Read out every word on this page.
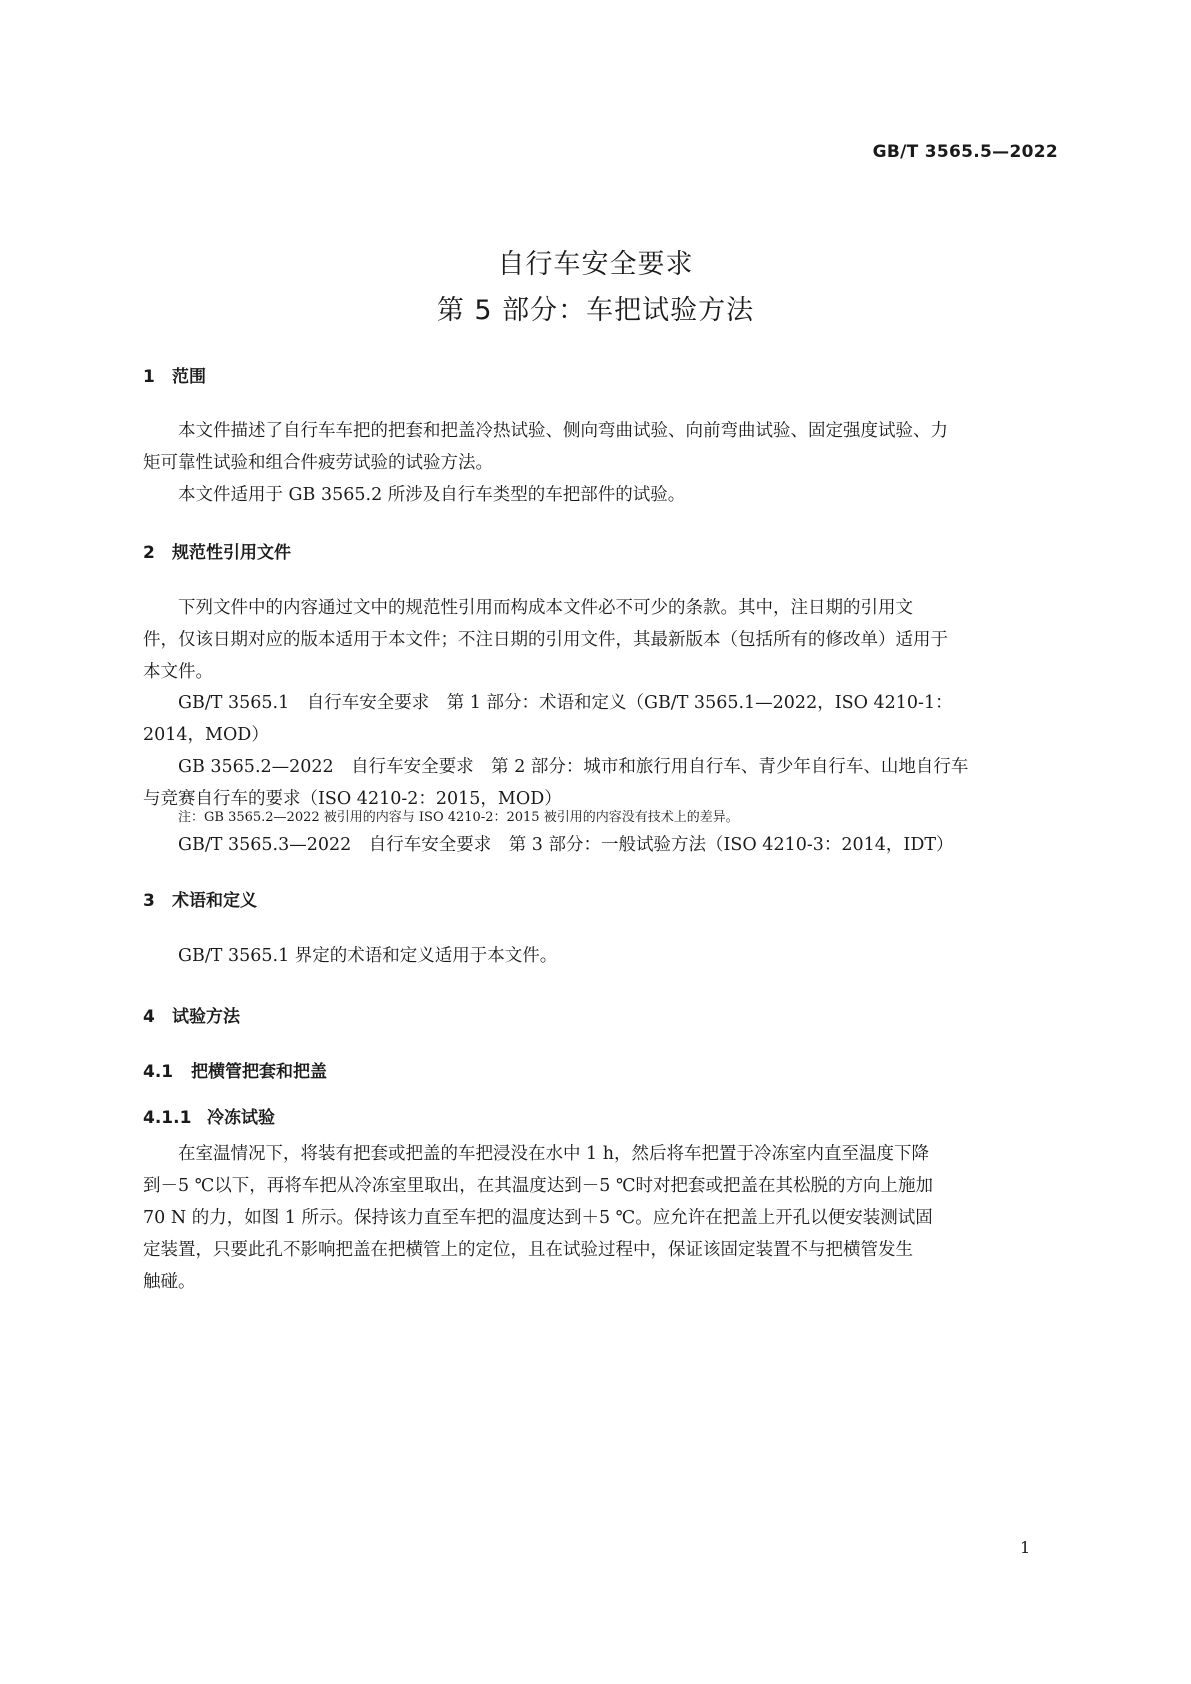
GB/T 3565.5—2022
自行车安全要求
第 5 部分：车把试验方法
1 范围
本文件描述了自行车车把的把套和把盖冷热试验、侧向弯曲试验、向前弯曲试验、固定强度试验、力
矩可靠性试验和组合件疲劳试验的试验方法。
本文件适用于 GB 3565.2 所涉及自行车类型的车把部件的试验。
2 规范性引用文件
下列文件中的内容通过文中的规范性引用而构成本文件必不可少的条款。其中，注日期的引用文
件，仅该日期对应的版本适用于本文件；不注日期的引用文件，其最新版本（包括所有的修改单）适用于
本文件。
GB/T 3565.1　自行车安全要求　第 1 部分：术语和定义（GB/T 3565.1—2022，ISO 4210-1：
2014，MOD）
GB 3565.2—2022　自行车安全要求　第 2 部分：城市和旅行用自行车、青少年自行车、山地自行车
与竞赛自行车的要求（ISO 4210-2：2015，MOD）
注：GB 3565.2—2022 被引用的内容与 ISO 4210-2：2015 被引用的内容没有技术上的差异。
GB/T 3565.3—2022　自行车安全要求　第 3 部分：一般试验方法（ISO 4210-3：2014，IDT）
3 术语和定义
GB/T 3565.1 界定的术语和定义适用于本文件。
4 试验方法
4.1 把横管把套和把盖
4.1.1 冷冻试验
在室温情况下，将装有把套或把盖的车把浸没在水中 1 h，然后将车把置于冷冻室内直至温度下降
到－5 ℃以下，再将车把从冷冻室里取出，在其温度达到－5 ℃时对把套或把盖在其松脱的方向上施加
70 N 的力，如图 1 所示。保持该力直至车把的温度达到＋5 ℃。应允许在把盖上开孔以便安装测试固
定装置，只要此孔不影响把盖在把横管上的定位，且在试验过程中，保证该固定装置不与把横管发生
触碰。
1
